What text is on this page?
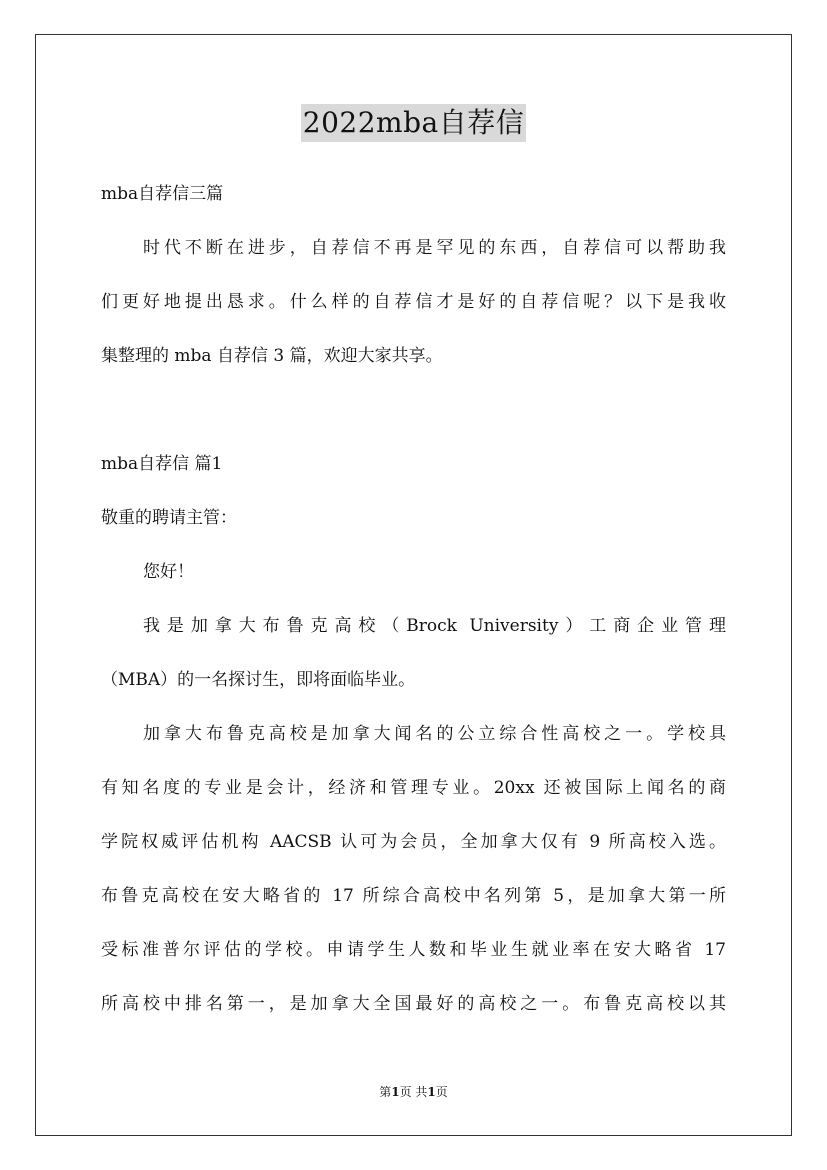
2022mba自荐信
mba自荐信三篇
时代不断在进步，自荐信不再是罕见的东西，自荐信可以帮助我
们更好地提出恳求。什么样的自荐信才是好的自荐信呢？以下是我收
集整理的 mba 自荐信 3 篇，欢迎大家共享。
mba自荐信 篇1
敬重的聘请主管：
您好！
我是加拿大布鲁克高校（Brock University）工商企业管理
（MBA）的一名探讨生，即将面临毕业。
加拿大布鲁克高校是加拿大闻名的公立综合性高校之一。学校具
有知名度的专业是会计，经济和管理专业。20xx 还被国际上闻名的商
学院权威评估机构 AACSB 认可为会员，全加拿大仅有 9 所高校入选。
布鲁克高校在安大略省的 17 所综合高校中名列第 5，是加拿大第一所
受标准普尔评估的学校。申请学生人数和毕业生就业率在安大略省 17
所高校中排名第一，是加拿大全国最好的高校之一。布鲁克高校以其
第1页 共1页
